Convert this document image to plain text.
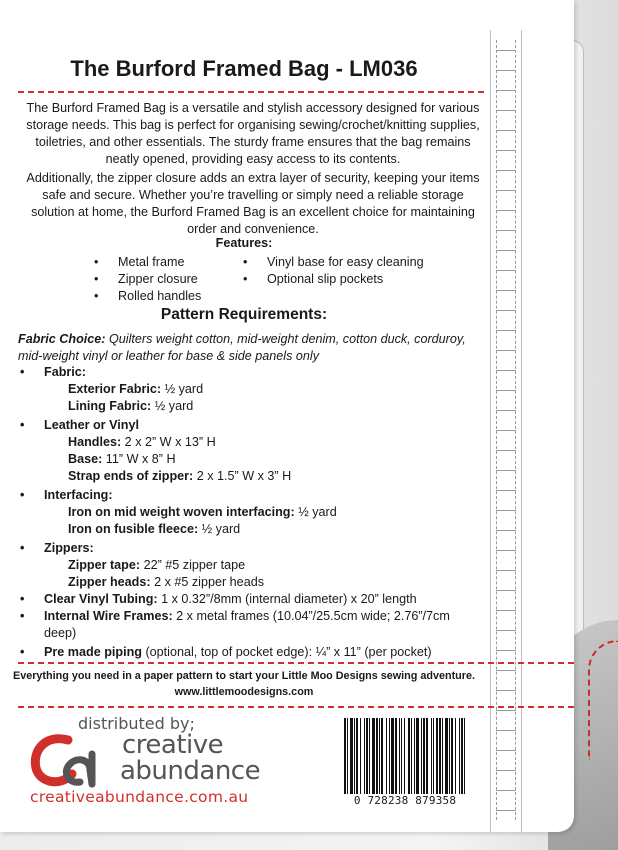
The Burford Framed Bag - LM036
The Burford Framed Bag is a versatile and stylish accessory designed for various storage needs. This bag is perfect for organising sewing/crochet/knitting supplies, toiletries, and other essentials. The sturdy frame ensures that the bag remains neatly opened, providing easy access to its contents.
Additionally, the zipper closure adds an extra layer of security, keeping your items safe and secure. Whether you’re travelling or simply need a reliable storage solution at home, the Burford Framed Bag is an excellent choice for maintaining order and convenience.
Features:
• Metal frame
• Zipper closure
• Rolled handles
• Vinyl base for easy cleaning
• Optional slip pockets
Pattern Requirements:
Fabric Choice: Quilters weight cotton, mid-weight denim, cotton duck, corduroy, mid-weight vinyl or leather for base & side panels only
• Fabric:
Exterior Fabric: ½ yard
Lining Fabric: ½ yard
• Leather or Vinyl
Handles: 2 x 2” W x 13” H
Base: 11” W x 8” H
Strap ends of zipper: 2 x 1.5” W x 3” H
• Interfacing:
Iron on mid weight woven interfacing: ½ yard
Iron on fusible fleece: ½ yard
• Zippers:
Zipper tape: 22” #5 zipper tape
Zipper heads: 2 x #5 zipper heads
• Clear Vinyl Tubing: 1 x 0.32”/8mm (internal diameter) x 20” length
• Internal Wire Frames: 2 x metal frames (10.04”/25.5cm wide; 2.76”/7cm deep)
• Pre made piping (optional, top of pocket edge): ¼” x 11” (per pocket)
Everything you need in a paper pattern to start your Little Moo Designs sewing adventure.
www.littlemoodesigns.com
distributed by;
creative
abundance
creativeabundance.com.au	0 728238 879358
